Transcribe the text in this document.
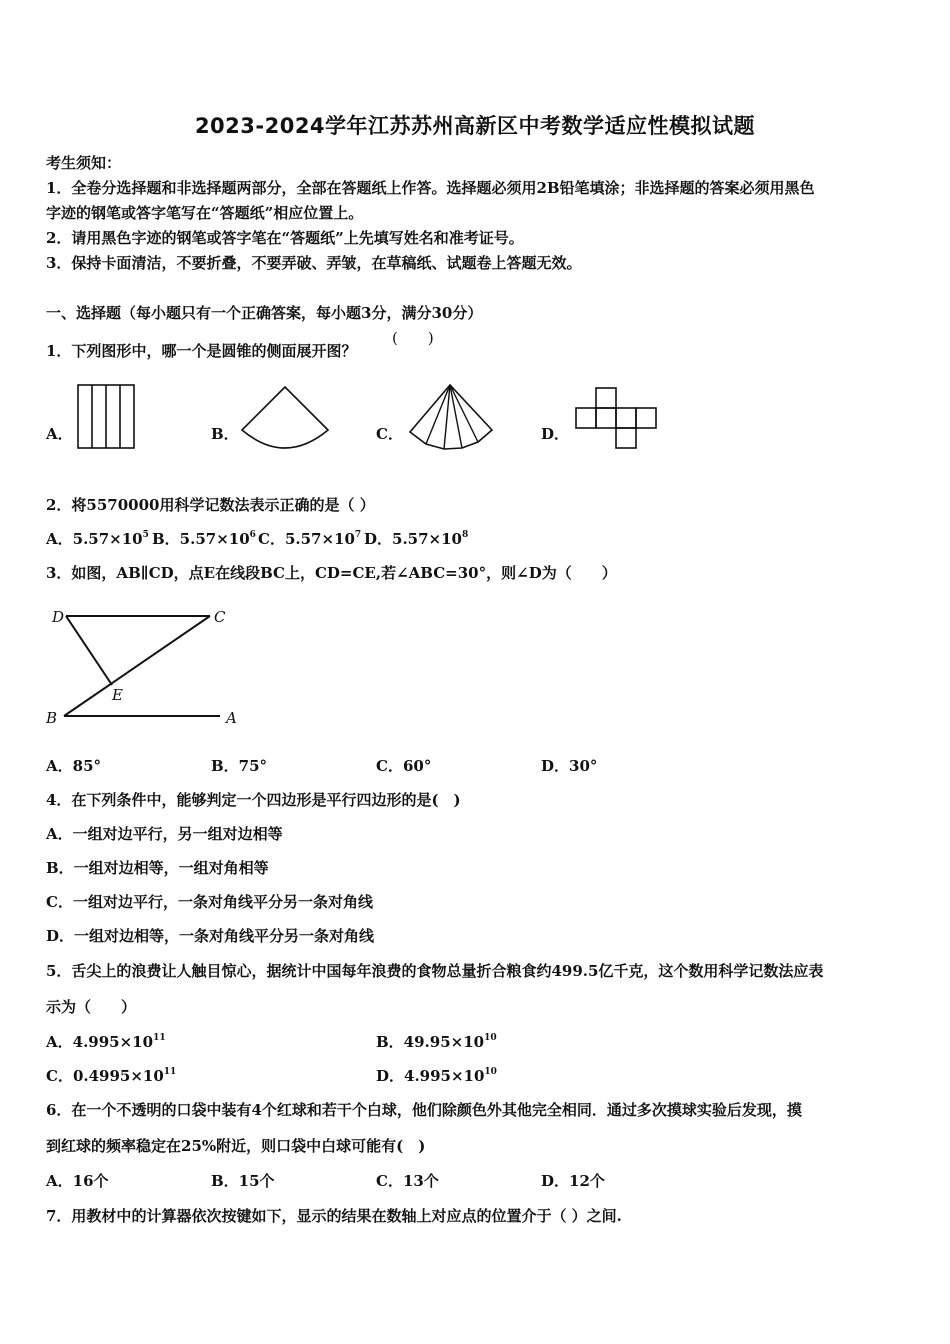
2023-2024学年江苏苏州高新区中考数学适应性模拟试题
考生须知：
1．全卷分选择题和非选择题两部分，全部在答题纸上作答。选择题必须用2B铅笔填涂；非选择题的答案必须用黑色
字迹的钢笔或答字笔写在“答题纸”相应位置上。
2．请用黑色字迹的钢笔或答字笔在“答题纸”上先填写姓名和准考证号。
3．保持卡面清洁，不要折叠，不要弄破、弄皱，在草稿纸、试题卷上答题无效。
一、选择题（每小题只有一个正确答案，每小题3分，满分30分）
1．下列图形中，哪一个是圆锥的侧面展开图？
(　　)
A．	B．	C．	D．
2．将5570000用科学记数法表示正确的是（ ）
A．$5.57\times 10^5$ B．$5.57\times 10^6$ C．$5.57\times 10^7$ D．$5.57\times 10^8$
3．如图，AB∥CD，点E在线段BC上，CD=CE,若∠ABC=30°，则∠D为（　　）
D	C
E
B	A
A．85°	B．75°	C．60°	D．30°
4．在下列条件中，能够判定一个四边形是平行四边形的是(　)
A．一组对边平行，另一组对边相等
B．一组对边相等，一组对角相等
C．一组对边平行，一条对角线平分另一条对角线
D．一组对边相等，一条对角线平分另一条对角线
5．舌尖上的浪费让人触目惊心，据统计中国每年浪费的食物总量折合粮食约499.5亿千克，这个数用科学记数法应表
示为（　　）
A．$4.995\times 10^{11}$	B．$49.95\times 10^{10}$
C．$0.4995\times 10^{11}$	D．$4.995\times 10^{10}$
6．在一个不透明的口袋中装有4个红球和若干个白球，他们除颜色外其他完全相同．通过多次摸球实验后发现，摸
到红球的频率稳定在25%附近，则口袋中白球可能有(　)
A．16个	B．15个	C．13个	D．12个
7．用教材中的计算器依次按键如下，显示的结果在数轴上对应点的位置介于（ ）之间.
